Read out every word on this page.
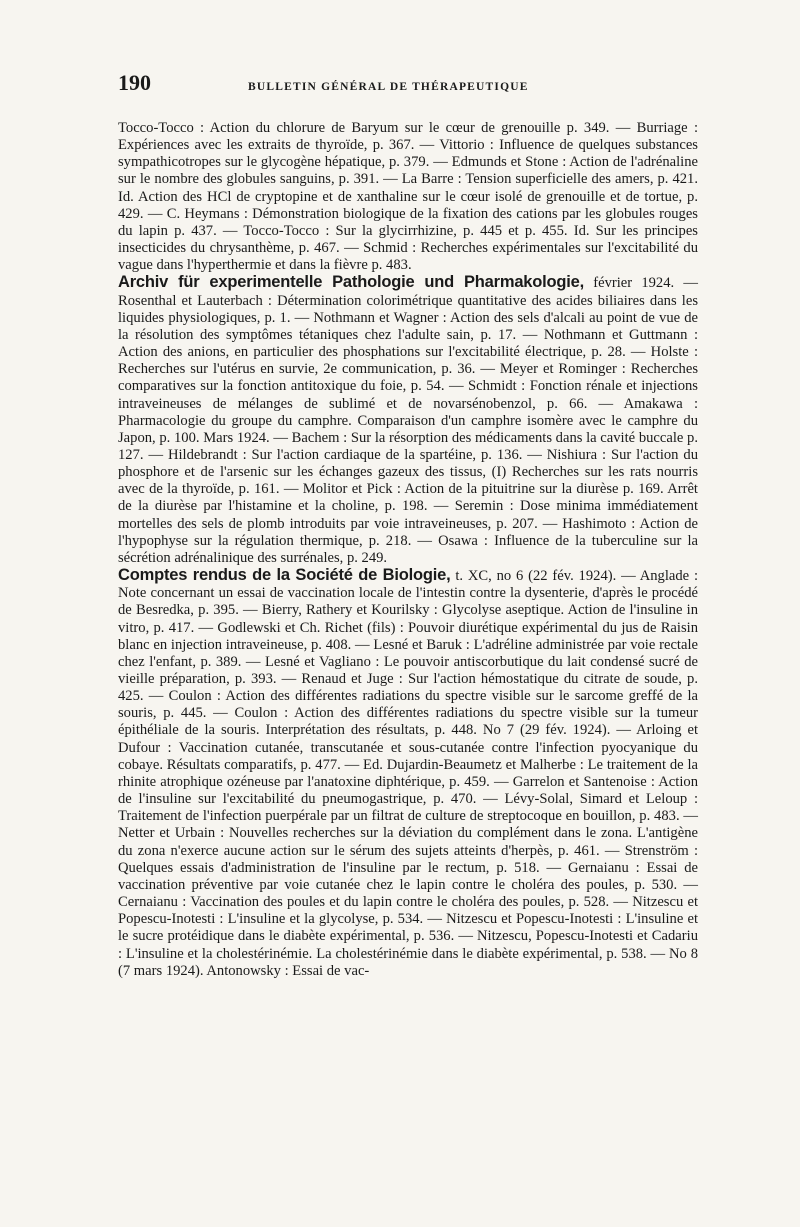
190	BULLETIN GÉNÉRAL DE THÉRAPEUTIQUE

Tocco-Tocco : Action du chlorure de Baryum sur le cœur de grenouille p. 349. — Burriage : Expériences avec les extraits de thyroïde, p. 367. — Vittorio : Influence de quelques substances sympathicotropes sur le glycogène hépatique, p. 379. — Edmunds et Stone : Action de l'adrénaline sur le nombre des globules sanguins, p. 391. — La Barre : Tension superficielle des amers, p. 421. Id. Action des HCl de cryptopine et de xanthaline sur le cœur isolé de grenouille et de tortue, p. 429. — C. Heymans : Démonstration biologique de la fixation des cations par les globules rouges du lapin p. 437. — Tocco-Tocco : Sur la glycirrhizine, p. 445 et p. 455. Id. Sur les principes insecticides du chrysanthème, p. 467. — Schmid : Recherches expérimentales sur l'excitabilité du vague dans l'hyperthermie et dans la fièvre p. 483.

Archiv für experimentelle Pathologie und Pharmakologie, février 1924. — Rosenthal et Lauterbach : Détermination colorimétrique quantitative des acides biliaires dans les liquides physiologiques, p. 1. — Nothmann et Wagner : Action des sels d'alcali au point de vue de la résolution des symptômes tétaniques chez l'adulte sain, p. 17. — Nothmann et Guttmann : Action des anions, en particulier des phosphations sur l'excitabilité électrique, p. 28. — Holste : Recherches sur l'utérus en survie, 2e communication, p. 36. — Meyer et Rominger : Recherches comparatives sur la fonction antitoxique du foie, p. 54. — Schmidt : Fonction rénale et injections intraveineuses de mélanges de sublimé et de novarsénobenzol, p. 66. — Amakawa : Pharmacologie du groupe du camphre. Comparaison d'un camphre isomère avec le camphre du Japon, p. 100. Mars 1924. — Bachem : Sur la résorption des médicaments dans la cavité buccale p. 127. — Hildebrandt : Sur l'action cardiaque de la spartéine, p. 136. — Nishiura : Sur l'action du phosphore et de l'arsenic sur les échanges gazeux des tissus, (I) Recherches sur les rats nourris avec de la thyroïde, p. 161. — Molitor et Pick : Action de la pituitrine sur la diurèse p. 169. Arrêt de la diurèse par l'histamine et la choline, p. 198. — Seremin : Dose minima immédiatement mortelles des sels de plomb introduits par voie intraveineuses, p. 207. — Hashimoto : Action de l'hypophyse sur la régulation thermique, p. 218. — Osawa : Influence de la tuberculine sur la sécrétion adrénalinique des surrénales, p. 249.

Comptes rendus de la Société de Biologie, t. XC, no 6 (22 fév. 1924). — Anglade : Note concernant un essai de vaccination locale de l'intestin contre la dysenterie, d'après le procédé de Besredka, p. 395. — Bierry, Rathery et Kourilsky : Glycolyse aseptique. Action de l'insuline in vitro, p. 417. — Godlewski et Ch. Richet (fils) : Pouvoir diurétique expérimental du jus de Raisin blanc en injection intraveineuse, p. 408. — Lesné et Baruk : L'adréline administrée par voie rectale chez l'enfant, p. 389. — Lesné et Vagliano : Le pouvoir antiscorbutique du lait condensé sucré de vieille préparation, p. 393. — Renaud et Juge : Sur l'action hémostatique du citrate de soude, p. 425. — Coulon : Action des différentes radiations du spectre visible sur le sarcome greffé de la souris, p. 445. — Coulon : Action des différentes radiations du spectre visible sur la tumeur épithéliale de la souris. Interprétation des résultats, p. 448. No 7 (29 fév. 1924). — Arloing et Dufour : Vaccination cutanée, transcutanée et sous-cutanée contre l'infection pyocyanique du cobaye. Résultats comparatifs, p. 477. — Ed. Dujardin-Beaumetz et Malherbe : Le traitement de la rhinite atrophique ozéneuse par l'anatoxine diphtérique, p. 459. — Garrelon et Santenoise : Action de l'insuline sur l'excitabilité du pneumogastrique, p. 470. — Lévy-Solal, Simard et Leloup : Traitement de l'infection puerpérale par un filtrat de culture de streptocoque en bouillon, p. 483. — Netter et Urbain : Nouvelles recherches sur la déviation du complément dans le zona. L'antigène du zona n'exerce aucune action sur le sérum des sujets atteints d'herpès, p. 461. — Strenström : Quelques essais d'administration de l'insuline par le rectum, p. 518. — Gernaianu : Essai de vaccination préventive par voie cutanée chez le lapin contre le choléra des poules, p. 530. — Cernaianu : Vaccination des poules et du lapin contre le choléra des poules, p. 528. — Nitzescu et Popescu-Inotesti : L'insuline et la glycolyse, p. 534. — Nitzescu et Popescu-Inotesti : L'insuline et le sucre protéidique dans le diabète expérimental, p. 536. — Nitzescu, Popescu-Inotesti et Cadariu : L'insuline et la cholestérinémie. La cholestérinémie dans le diabète expérimental, p. 538. — No 8 (7 mars 1924). Antonowsky : Essai de vac-
